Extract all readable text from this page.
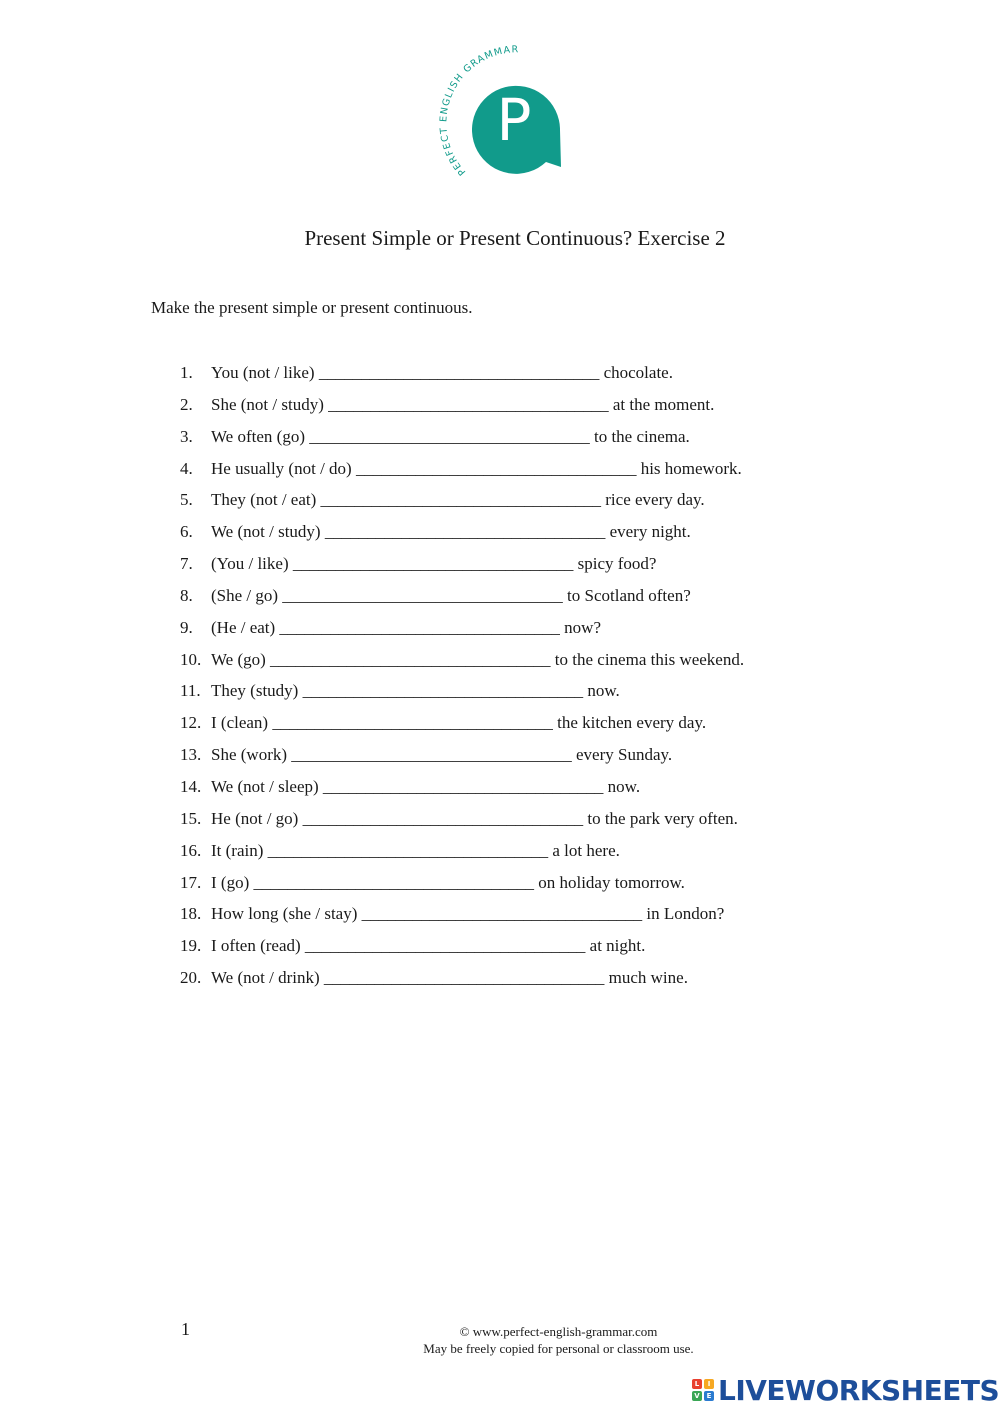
P
PERFECT ENGLISH GRAMMAR
Present Simple or Present Continuous? Exercise 2
Make the present simple or present continuous.
1. You (not / like) _________________________________ chocolate.
2. She (not / study) _________________________________ at the moment.
3. We often (go) _________________________________ to the cinema.
4. He usually (not / do) _________________________________ his homework.
5. They (not / eat) _________________________________ rice every day.
6. We (not / study) _________________________________ every night.
7. (You / like) _________________________________ spicy food?
8. (She / go) _________________________________ to Scotland often?
9. (He / eat) _________________________________ now?
10. We (go) _________________________________ to the cinema this weekend.
11. They (study) _________________________________ now.
12. I (clean) _________________________________ the kitchen every day.
13. She (work) _________________________________ every Sunday.
14. We (not / sleep) _________________________________ now.
15. He (not / go) _________________________________ to the park very often.
16. It (rain) _________________________________ a lot here.
17. I (go) _________________________________ on holiday tomorrow.
18. How long (she / stay) _________________________________ in London?
19. I often (read) _________________________________ at night.
20. We (not / drink) _________________________________ much wine.
1	© www.perfect-english-grammar.com
May be freely copied for personal or classroom use.
L	I
V E LIVEWORKSHEETS
